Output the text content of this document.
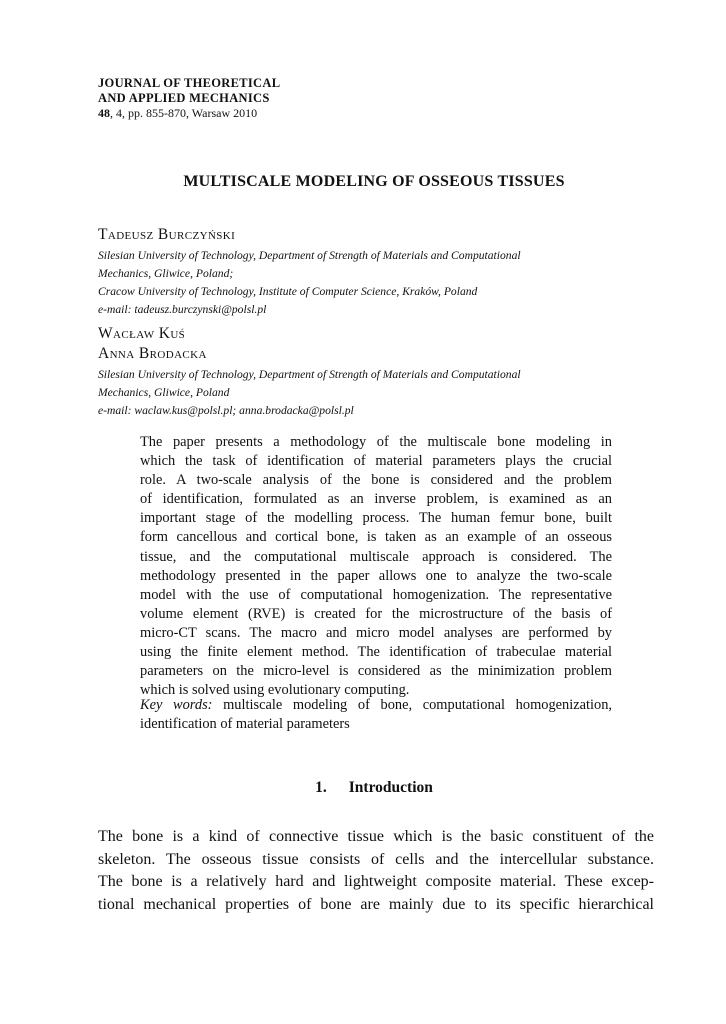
JOURNAL OF THEORETICAL
AND APPLIED MECHANICS
48, 4, pp. 855-870, Warsaw 2010
MULTISCALE MODELING OF OSSEOUS TISSUES
Tadeusz Burczyński
Silesian University of Technology, Department of Strength of Materials and Computational
Mechanics, Gliwice, Poland;
Cracow University of Technology, Institute of Computer Science, Kraków, Poland
e-mail: tadeusz.burczynski@polsl.pl
Wacław Kuś
Anna Brodacka
Silesian University of Technology, Department of Strength of Materials and Computational
Mechanics, Gliwice, Poland
e-mail: waclaw.kus@polsl.pl; anna.brodacka@polsl.pl
The paper presents a methodology of the multiscale bone modeling in
which the task of identification of material parameters plays the crucial
role. A two-scale analysis of the bone is considered and the problem
of identification, formulated as an inverse problem, is examined as an
important stage of the modelling process. The human femur bone, built
form cancellous and cortical bone, is taken as an example of an osseous
tissue, and the computational multiscale approach is considered. The
methodology presented in the paper allows one to analyze the two-scale
model with the use of computational homogenization. The representative
volume element (RVE) is created for the microstructure of the basis of
micro-CT scans. The macro and micro model analyses are performed by
using the finite element method. The identification of trabeculae material
parameters on the micro-level is considered as the minimization problem
which is solved using evolutionary computing.
Key words: multiscale modeling of bone, computational homogenization,
identification of material parameters
1. Introduction
The bone is a kind of connective tissue which is the basic constituent of the
skeleton. The osseous tissue consists of cells and the intercellular substance.
The bone is a relatively hard and lightweight composite material. These excep-
tional mechanical properties of bone are mainly due to its specific hierarchical
